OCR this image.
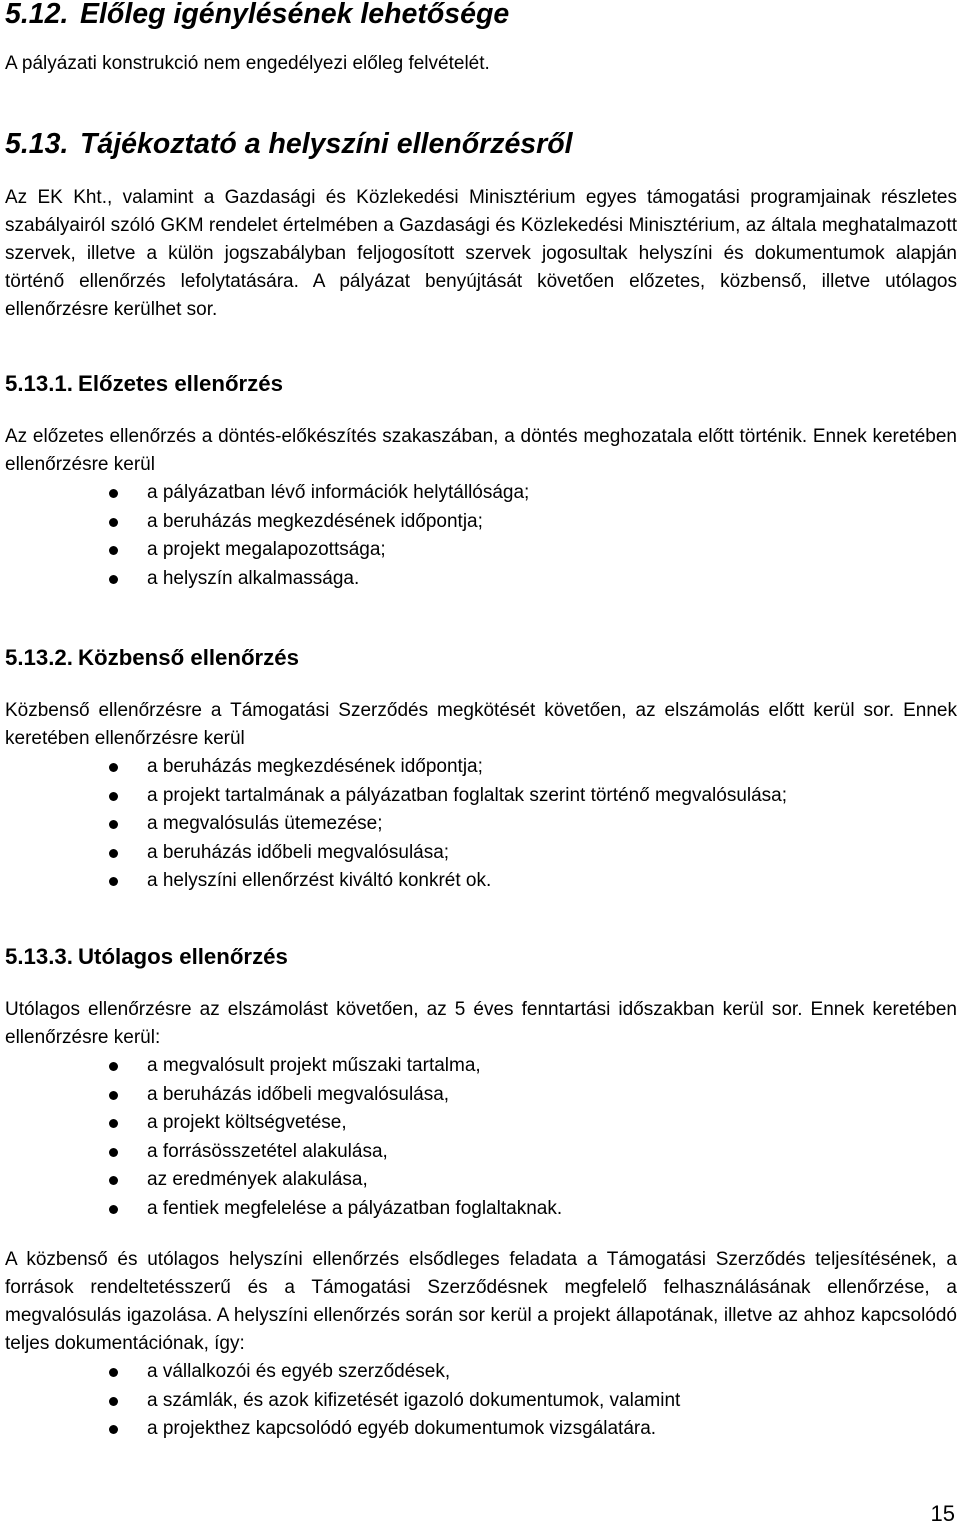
5.12. Előleg igénylésének lehetősége

A pályázati konstrukció nem engedélyezi előleg felvételét.

5.13. Tájékoztató a helyszíni ellenőrzésről

Az EK Kht., valamint a Gazdasági és Közlekedési Minisztérium egyes támogatási programjainak részletes szabályairól szóló GKM rendelet értelmében a Gazdasági és Közlekedési Minisztérium, az általa meghatalmazott szervek, illetve a külön jogszabályban feljogosított szervek jogosultak helyszíni és dokumentumok alapján történő ellenőrzés lefolytatására. A pályázat benyújtását követően előzetes, közbenső, illetve utólagos ellenőrzésre kerülhet sor.

5.13.1. Előzetes ellenőrzés

Az előzetes ellenőrzés a döntés-előkészítés szakaszában, a döntés meghozatala előtt történik. Ennek keretében ellenőrzésre kerül

a pályázatban lévő információk helytállósága;
a beruházás megkezdésének időpontja;
a projekt megalapozottsága;
a helyszín alkalmassága.
5.13.2. Közbenső ellenőrzés

Közbenső ellenőrzésre a Támogatási Szerződés megkötését követően, az elszámolás előtt kerül sor. Ennek keretében ellenőrzésre kerül

a beruházás megkezdésének időpontja;
a projekt tartalmának a pályázatban foglaltak szerint történő megvalósulása;
a megvalósulás ütemezése;
a beruházás időbeli megvalósulása;
a helyszíni ellenőrzést kiváltó konkrét ok.
5.13.3. Utólagos ellenőrzés

Utólagos ellenőrzésre az elszámolást követően, az 5 éves fenntartási időszakban kerül sor. Ennek keretében ellenőrzésre kerül:

a megvalósult projekt műszaki tartalma,
a beruházás időbeli megvalósulása,
a projekt költségvetése,
a forrásösszetétel alakulása,
az eredmények alakulása,
a fentiek megfelelése a pályázatban foglaltaknak.

A közbenső és utólagos helyszíni ellenőrzés elsődleges feladata a Támogatási Szerződés teljesítésének, a források rendeltetésszerű és a Támogatási Szerződésnek megfelelő felhasználásának ellenőrzése, a megvalósulás igazolása. A helyszíni ellenőrzés során sor kerül a projekt állapotának, illetve az ahhoz kapcsolódó teljes dokumentációnak, így:

a vállalkozói és egyéb szerződések,
a számlák, és azok kifizetését igazoló dokumentumok, valamint
a projekthez kapcsolódó egyéb dokumentumok vizsgálatára.
15
